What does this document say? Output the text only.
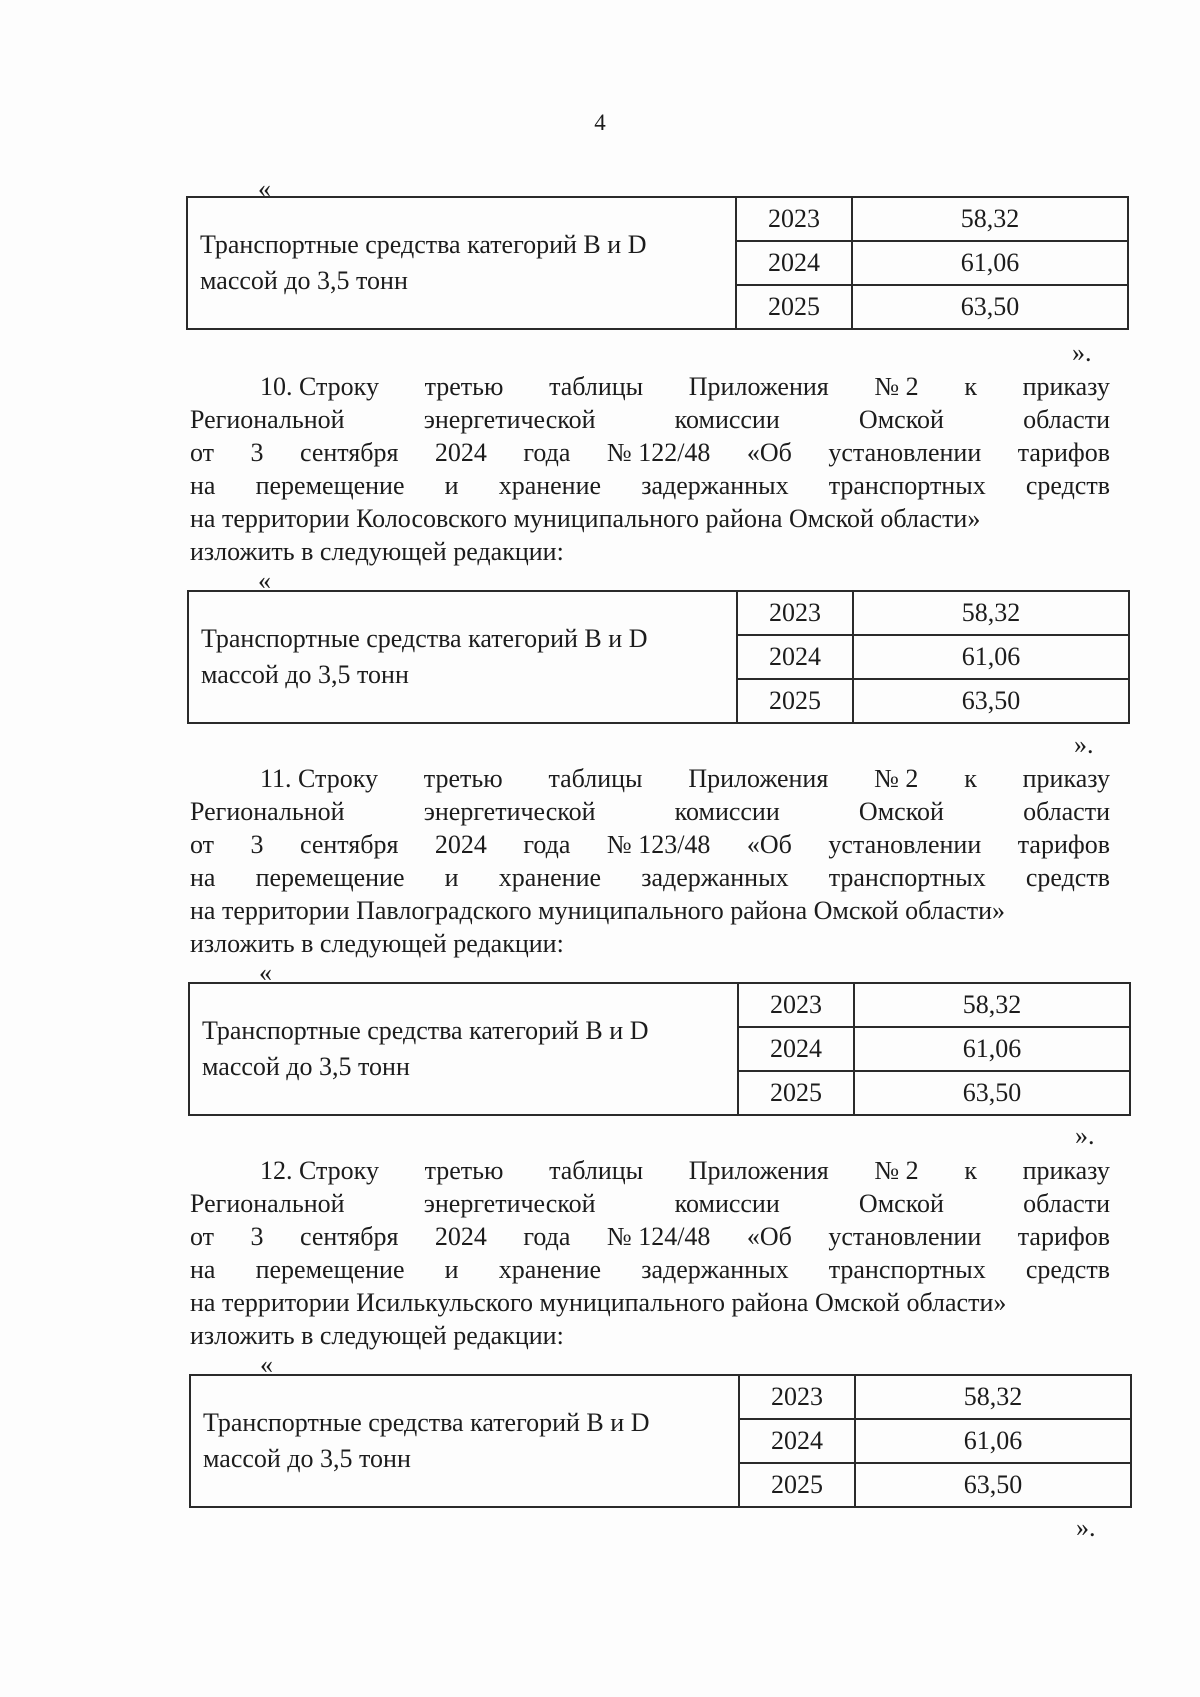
4
«
Транспортные средства категорий B и D массой до 3,5 тонн	2023	58,32
	2024	61,06
	2025	63,50
».
10. Строку третью таблицы Приложения № 2 к приказу
Региональной	энергетической	комиссии	Омской	области
от 3 сентября 2024 года № 122/48 «Об установлении тарифов
на перемещение и хранение задержанных транспортных средств
на территории Колосовского муниципального района Омской области»
изложить в следующей редакции:
«
Транспортные средства категорий B и D массой до 3,5 тонн	2023	58,32
	2024	61,06
	2025	63,50
».
11. Строку третью таблицы Приложения № 2 к приказу
Региональной	энергетической	комиссии	Омской	области
от 3 сентября 2024 года № 123/48 «Об установлении тарифов
на перемещение и хранение задержанных транспортных средств
на территории Павлоградского муниципального района Омской области»
изложить в следующей редакции:
«
Транспортные средства категорий B и D массой до 3,5 тонн	2023	58,32
	2024	61,06
	2025	63,50
».
12. Строку третью таблицы Приложения № 2 к приказу
Региональной	энергетической	комиссии	Омской	области
от 3 сентября 2024 года № 124/48 «Об установлении тарифов
на перемещение и хранение задержанных транспортных средств
на территории Исилькульского муниципального района Омской области»
изложить в следующей редакции:
«
Транспортные средства категорий B и D массой до 3,5 тонн	2023	58,32
	2024	61,06
	2025	63,50
».
